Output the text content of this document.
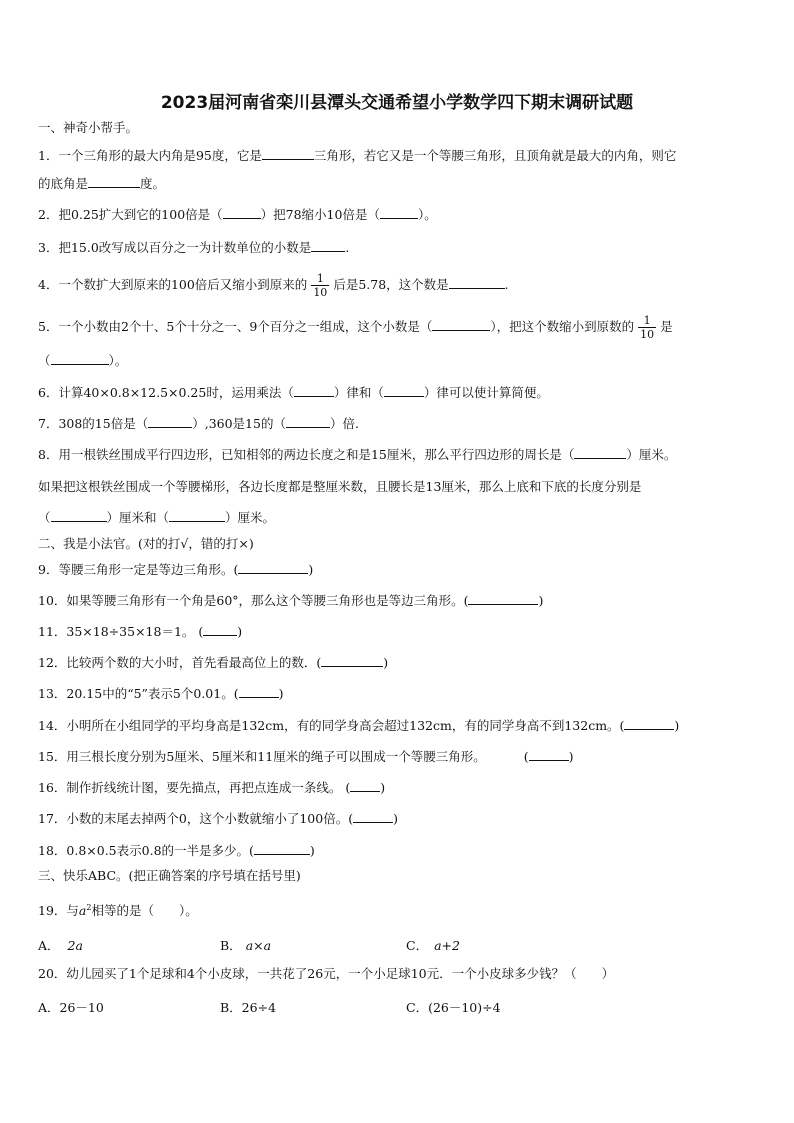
2023届河南省栾川县潭头交通希望小学数学四下期末调研试题
一、神奇小帮手。
1．一个三角形的最大内角是95度，它是	三角形，若它又是一个等腰三角形，且顶角就是最大的内角，则它
的底角是	度。
2．把0.25扩大到它的100倍是（	）把78缩小10倍是（	）。
3．把15.0改写成以百分之一为计数单位的小数是	.
4．一个数扩大到原来的100倍后又缩小到原来的 $\frac{1}{10}$ 后是5.78，这个数是	.
5．一个小数由2个十、5个十分之一、9个百分之一组成，这个小数是（	），把这个数缩小到原数的 $\frac{1}{10}$ 是
（	）。
6．计算40×0.8×12.5×0.25时，运用乘法（	）律和（	）律可以使计算简便。
7．308的15倍是（	）,360是15的（	）倍.
8．用一根铁丝围成平行四边形，已知相邻的两边长度之和是15厘米，那么平行四边形的周长是（	）厘米。
如果把这根铁丝围成一个等腰梯形，各边长度都是整厘米数，且腰长是13厘米，那么上底和下底的长度分别是
（	）厘米和（	）厘米。
二、我是小法官。(对的打√，错的打×)
9．等腰三角形一定是等边三角形。(	)
10．如果等腰三角形有一个角是60°，那么这个等腰三角形也是等边三角形。(	)
11．35×18÷35×18＝1。 (	)
12．比较两个数的大小时，首先看最高位上的数．(	)
13．20.15中的“5”表示5个0.01。(	)
14．小明所在小组同学的平均身高是132cm，有的同学身高会超过132cm，有的同学身高不到132cm。(	)
15．用三根长度分别为5厘米、5厘米和11厘米的绳子可以围成一个等腰三角形。	(	)
16．制作折线统计图，要先描点，再把点连成一条线。 ( )
17．小数的末尾去掉两个0，这个小数就缩小了100倍。(	)
18．0.8×0.5表示0.8的一半是多少。(	)
三、快乐ABC。(把正确答案的序号填在括号里)
19．与$a^2$相等的是（　　）。
A． 2a	B． a×a	C． a+2
20．幼儿园买了1个足球和4个小皮球，一共花了26元，一个小足球10元．一个小皮球多少钱？（　　）
A．26－10	B．26÷4	C．(26－10)÷4
